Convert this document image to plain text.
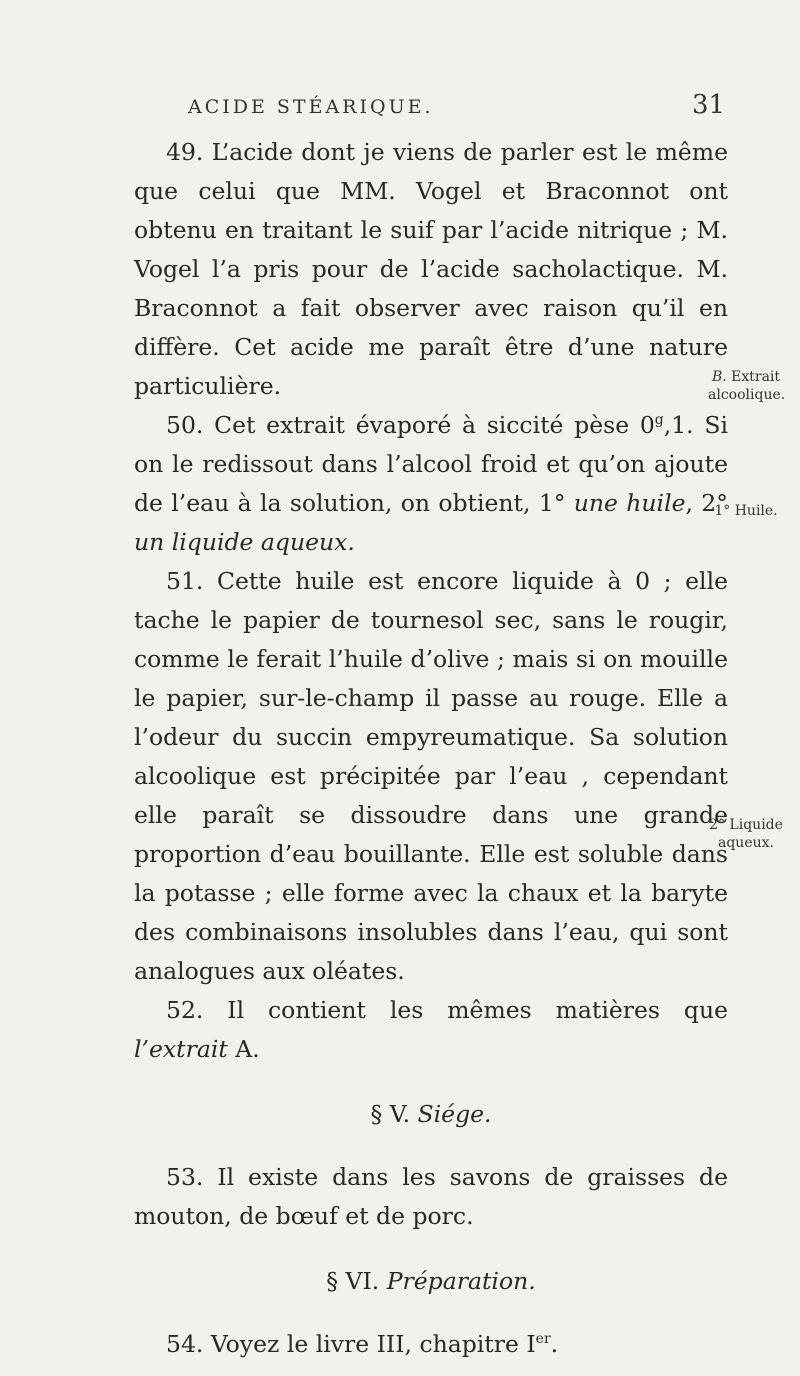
ACIDE STÉARIQUE.	31

49. L’acide dont je viens de parler est le même que celui que MM. Vogel et Braconnot ont obtenu en traitant le suif par l’acide nitrique ; M. Vogel l’a pris pour de l’acide sacholactique. M. Braconnot a fait observer avec raison qu’il en diffère. Cet acide me paraît être d’une nature particulière.

50. Cet extrait évaporé à siccité pèse 0$^g$,1. Si on le redissout dans l’alcool froid et qu’on ajoute de l’eau à la solution, on obtient, 1° une huile, 2° un liquide aqueux.

51. Cette huile est encore liquide à 0 ; elle tache le papier de tournesol sec, sans le rougir, comme le ferait l’huile d’olive ; mais si on mouille le papier, sur-le-champ il passe au rouge. Elle a l’odeur du succin empyreumatique. Sa solution alcoolique est précipitée par l’eau , cependant elle paraît se dissoudre dans une grande proportion d’eau bouillante. Elle est soluble dans la potasse ; elle forme avec la chaux et la baryte des combinaisons insolubles dans l’eau, qui sont analogues aux oléates.

52. Il contient les mêmes matières que l’extrait A.

§ V. Siége.

53. Il existe dans les savons de graisses de mouton, de bœuf et de porc.

§ VI. Préparation.

54. Voyez le livre III, chapitre Ier.

B. Extrait alcoolique.
1° Huile.
2° Liquide aqueux.
